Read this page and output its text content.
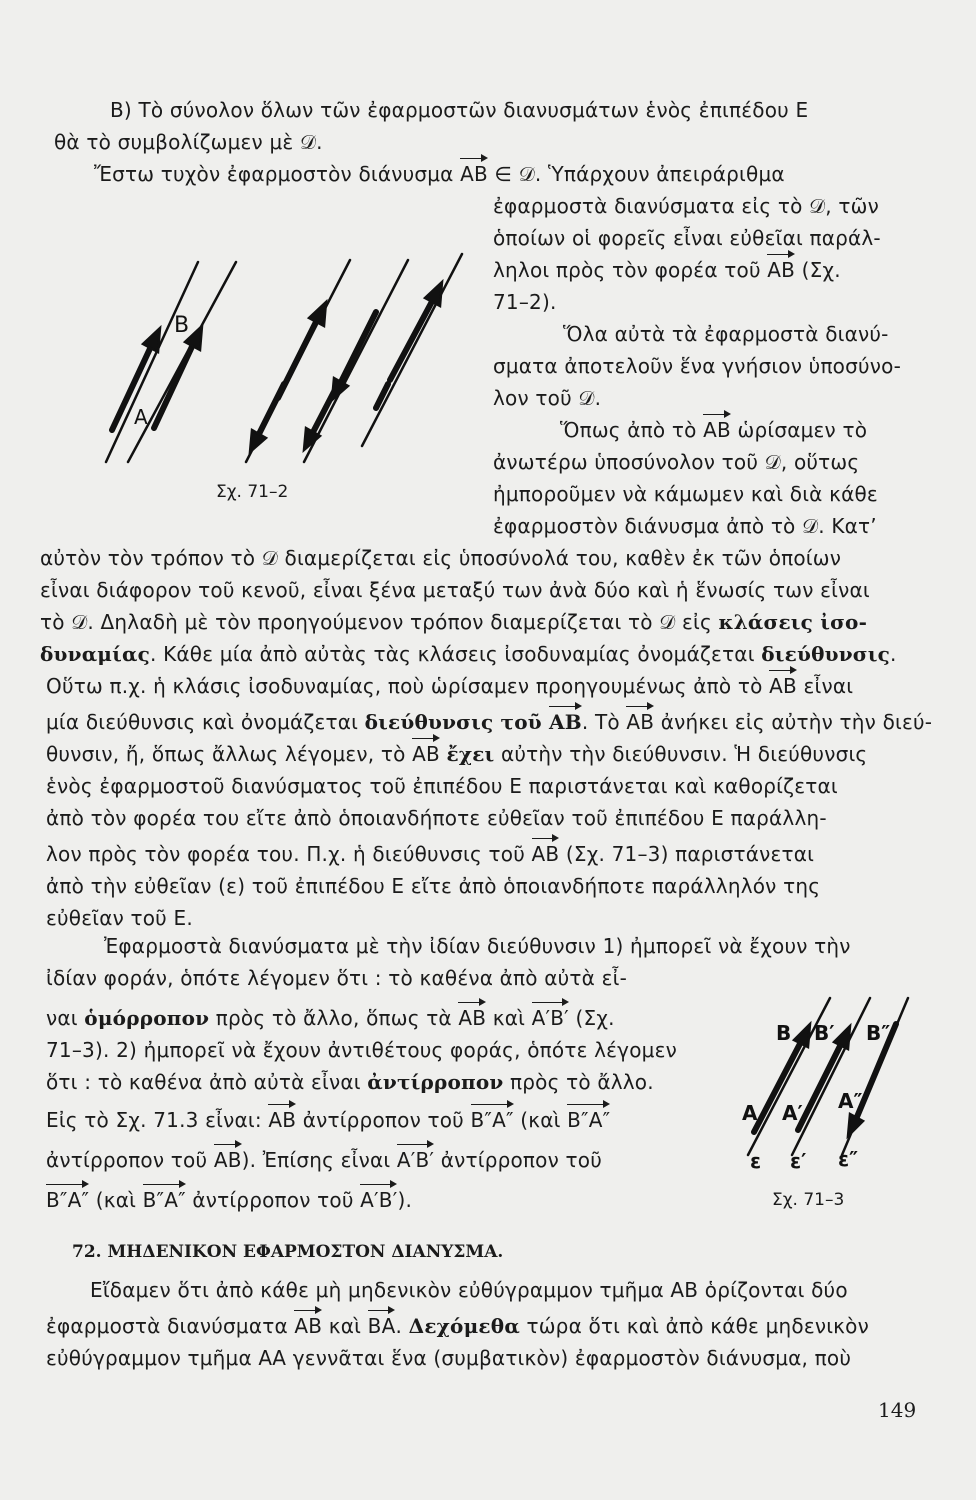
Β) Τὸ σύνολον ὅλων τῶν ἐφαρμοστῶν διανυσμάτων ἑνὸς ἐπιπέδου Ε
θὰ τὸ συμβολίζωμεν μὲ 𝒟.
Ἔστω τυχὸν ἐφαρμοστὸν διάνυσμα AB ∈ 𝒟. Ὑπάρχουν ἀπειράριθμα
ἐφαρμοστὰ διανύσματα εἰς τὸ 𝒟, τῶν
ὁποίων οἱ φορεῖς εἶναι εὐθεῖαι παράλ-
ληλοι πρὸς τὸν φορέα τοῦ AB (Σχ.
71–2).
Ὅλα αὐτὰ τὰ ἐφαρμοστὰ διανύ-
σματα ἀποτελοῦν ἕνα γνήσιον ὑποσύνο-
λον τοῦ 𝒟.
Ὅπως ἀπὸ τὸ AB ὡρίσαμεν τὸ
ἀνωτέρω ὑποσύνολον τοῦ 𝒟, οὕτως
ἠμποροῦμεν νὰ κάμωμεν καὶ διὰ κάθε
ἐφαρμοστὸν διάνυσμα ἀπὸ τὸ 𝒟. Κατ’
B
A
Σχ. 71–2
αὐτὸν τὸν τρόπον τὸ 𝒟 διαμερίζεται εἰς ὑποσύνολά του, καθὲν ἐκ τῶν ὁποίων
εἶναι διάφορον τοῦ κενοῦ, εἶναι ξένα μεταξύ των ἀνὰ δύο καὶ ἡ ἕνωσίς των εἶναι
τὸ 𝒟. Δηλαδὴ μὲ τὸν προηγούμενον τρόπον διαμερίζεται τὸ 𝒟 εἰς κλάσεις ἰσο-
δυναμίας. Κάθε μία ἀπὸ αὐτὰς τὰς κλάσεις ἰσοδυναμίας ὀνομάζεται διεύθυνσις.
Οὕτω π.χ. ἡ κλάσις ἰσοδυναμίας, ποὺ ὡρίσαμεν προηγουμένως ἀπὸ τὸ AB εἶναι
μία διεύθυνσις καὶ ὀνομάζεται διεύθυνσις τοῦ AB. Τὸ AB ἀνήκει εἰς αὐτὴν τὴν διεύ-
θυνσιν, ἤ, ὅπως ἄλλως λέγομεν, τὸ AB ἔχει αὐτὴν τὴν διεύθυνσιν. Ἡ διεύθυνσις
ἑνὸς ἐφαρμοστοῦ διανύσματος τοῦ ἐπιπέδου Ε παριστάνεται καὶ καθορίζεται
ἀπὸ τὸν φορέα του εἴτε ἀπὸ ὁποιανδήποτε εὐθεῖαν τοῦ ἐπιπέδου Ε παράλλη-
λον πρὸς τὸν φορέα του. Π.χ. ἡ διεύθυνσις τοῦ AB (Σχ. 71–3) παριστάνεται
ἀπὸ τὴν εὐθεῖαν (ε) τοῦ ἐπιπέδου Ε εἴτε ἀπὸ ὁποιανδήποτε παράλληλόν της
εὐθεῖαν τοῦ Ε.
Ἐφαρμοστὰ διανύσματα μὲ τὴν ἰδίαν διεύθυνσιν 1) ἠμπορεῖ νὰ ἔχουν τὴν
ἰδίαν φοράν, ὁπότε λέγομεν ὅτι : τὸ καθένα ἀπὸ αὐτὰ εἶ-
ναι ὁμόρροπον πρὸς τὸ ἄλλο, ὅπως τὰ AB καὶ A′B′ (Σχ.
71–3). 2) ἠμπορεῖ νὰ ἔχουν ἀντιθέτους φοράς, ὁπότε λέγομεν
ὅτι : τὸ καθένα ἀπὸ αὐτὰ εἶναι ἀντίρροπον πρὸς τὸ ἄλλο.
Εἰς τὸ Σχ. 71.3 εἶναι: AB ἀντίρροπον τοῦ B″A″ (καὶ B″A″
ἀντίρροπον τοῦ AB). Ἐπίσης εἶναι A′B′ ἀντίρροπον τοῦ
B″A″ (καὶ B″A″ ἀντίρροπον τοῦ A′B′).
B B′ B″
A A′ A″
ε ε′ ε″
Σχ. 71–3
72. ΜΗΔΕΝΙΚΟΝ ΕΦΑΡΜΟΣΤΟΝ ΔΙΑΝΥΣΜΑ.
Εἴδαμεν ὅτι ἀπὸ κάθε μὴ μηδενικὸν εὐθύγραμμον τμῆμα ΑΒ ὁρίζονται δύο
ἐφαρμοστὰ διανύσματα AB καὶ BA. Δεχόμεθα τώρα ὅτι καὶ ἀπὸ κάθε μηδενικὸν
εὐθύγραμμον τμῆμα ΑΑ γεννᾶται ἕνα (συμβατικὸν) ἐφαρμοστὸν διάνυσμα, ποὺ
149
